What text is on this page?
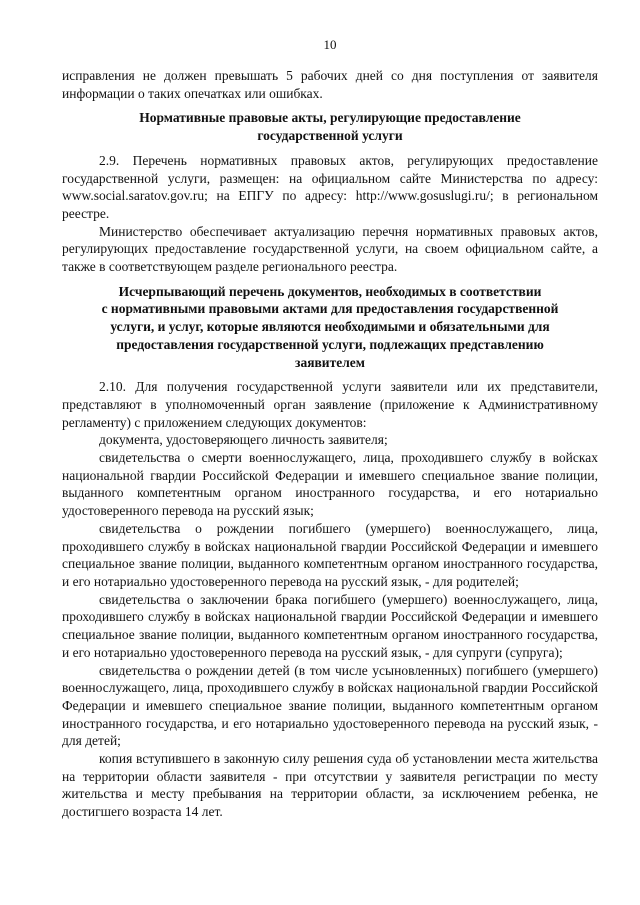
10

исправления не должен превышать 5 рабочих дней со дня поступления от заявителя информации о таких опечатках или ошибках.

Нормативные правовые акты, регулирующие предоставление
государственной услуги

2.9. Перечень нормативных правовых актов, регулирующих предоставление государственной услуги, размещен: на официальном сайте Министерства по адресу: www.social.saratov.gov.ru; на ЕПГУ по адресу: http://www.gosuslugi.ru/; в региональном реестре.

Министерство обеспечивает актуализацию перечня нормативных правовых актов, регулирующих предоставление государственной услуги, на своем официальном сайте, а также в соответствующем разделе регионального реестра.

Исчерпывающий перечень документов, необходимых в соответствии
с нормативными правовыми актами для предоставления государственной
услуги, и услуг, которые являются необходимыми и обязательными для
предоставления государственной услуги, подлежащих представлению
заявителем

2.10. Для получения государственной услуги заявители или их представители, представляют в уполномоченный орган заявление (приложение к Административному регламенту) с приложением следующих документов:

документа, удостоверяющего личность заявителя;

свидетельства о смерти военнослужащего, лица, проходившего службу в войсках национальной гвардии Российской Федерации и имевшего специальное звание полиции, выданного компетентным органом иностранного государства, и его нотариально удостоверенного перевода на русский язык;

свидетельства о рождении погибшего (умершего) военнослужащего, лица, проходившего службу в войсках национальной гвардии Российской Федерации и имевшего специальное звание полиции, выданного компетентным органом иностранного государства, и его нотариально удостоверенного перевода на русский язык, - для родителей;

свидетельства о заключении брака погибшего (умершего) военнослужащего, лица, проходившего службу в войсках национальной гвардии Российской Федерации и имевшего специальное звание полиции, выданного компетентным органом иностранного государства, и его нотариально удостоверенного перевода на русский язык, - для супруги (супруга);

свидетельства о рождении детей (в том числе усыновленных) погибшего (умершего) военнослужащего, лица, проходившего службу в войсках национальной гвардии Российской Федерации и имевшего специальное звание полиции, выданного компетентным органом иностранного государства, и его нотариально удостоверенного перевода на русский язык, - для детей;

копия вступившего в законную силу решения суда об установлении места жительства на территории области заявителя - при отсутствии у заявителя регистрации по месту жительства и месту пребывания на территории области, за исключением ребенка, не достигшего возраста 14 лет.
